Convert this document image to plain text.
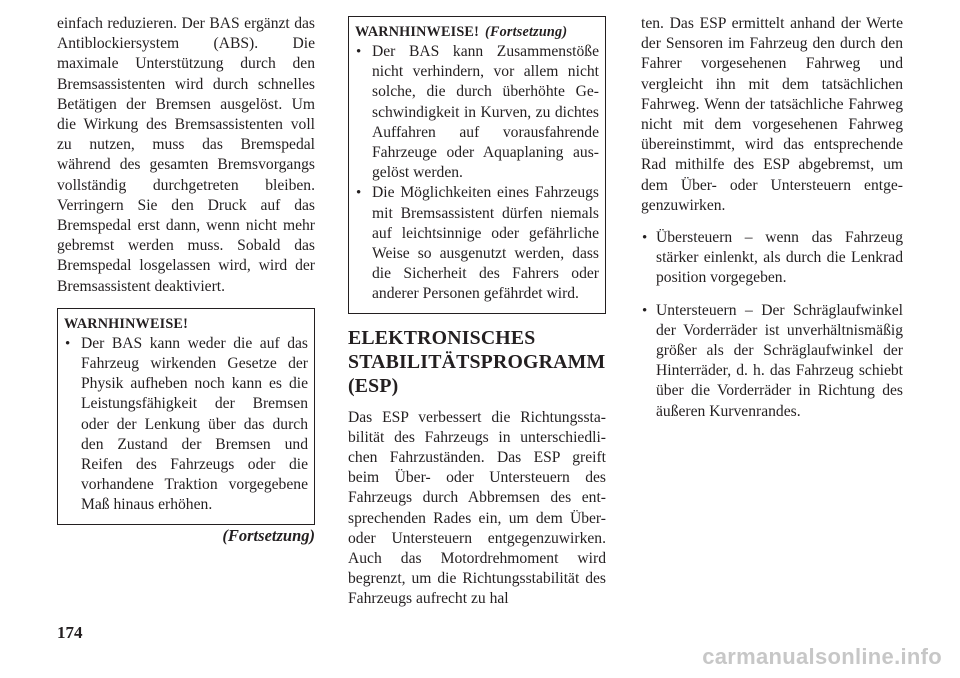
einfach reduzieren. Der BAS ergänzt das Antiblockiersystem (ABS). Die maximale Unterstützung durch den Bremsassistenten wird durch schnelles Betätigen der Bremsen ausgelöst. Um die Wirkung des Bremsassistenten voll zu nutzen, muss das Bremspedal während des gesamten Bremsvorgangs vollständig durchgetreten bleiben. Verringern Sie den Druck auf das Bremspedal erst dann, wenn nicht mehr gebremst werden muss. Sobald das Bremspedal losgelassen wird, wird der Bremsassistent deaktiviert.

WARNHINWEISE!
• Der BAS kann weder die auf das Fahrzeug wirkenden Gesetze der Physik aufheben noch kann es die Leistungsfähigkeit der Bremsen oder der Lenkung über das durch den Zustand der Bremsen und Reifen des Fahrzeugs oder die vorhandene Traktion vorgegebene Maß hinaus erhöhen.
(Fortsetzung)
WARNHINWEISE! (Fortsetzung)
• Der BAS kann Zusammenstöße nicht verhindern, vor allem nicht solche, die durch überhöhte Geschwindigkeit in Kurven, zu dichtes Auffahren auf vorausfahrende Fahrzeuge oder Aquaplaning ausgelöst werden.
• Die Möglichkeiten eines Fahrzeugs mit Bremsassistent dürfen niemals auf leichtsinnige oder gefährliche Weise so ausgenutzt werden, dass die Sicherheit des Fahrers oder anderer Personen gefährdet wird.
ELEKTRONISCHES
STABILITÄTSPROGRAMM
(ESP)

Das ESP verbessert die Richtungsstabilität des Fahrzeugs in unterschiedlichen Fahrzuständen. Das ESP greift beim Über- oder Untersteuern des Fahrzeugs durch Abbremsen des entsprechenden Rades ein, um dem Über- oder Untersteuern entgegenzuwirken. Auch das Motordrehmoment wird begrenzt, um die Richtungsstabilität des Fahrzeugs aufrecht zu hal

ten. Das ESP ermittelt anhand der Werte der Sensoren im Fahrzeug den durch den Fahrer vorgesehenen Fahrweg und vergleicht ihn mit dem tatsächlichen Fahrweg. Wenn der tatsächliche Fahrweg nicht mit dem vorgesehenen Fahrweg übereinstimmt, wird das entsprechende Rad mithilfe des ESP abgebremst, um dem Über- oder Untersteuern entgegenzuwirken.

• Übersteuern – wenn das Fahrzeug stärker einlenkt, als durch die Lenkrad position vorgegeben.
• Untersteuern – Der Schräglaufwinkel der Vorderräder ist unverhältnismäßig größer als der Schräglaufwinkel der Hinterräder, d. h. das Fahrzeug schiebt über die Vorderräder in Richtung des äußeren Kurvenrandes.
174
carmanualsonline.info
